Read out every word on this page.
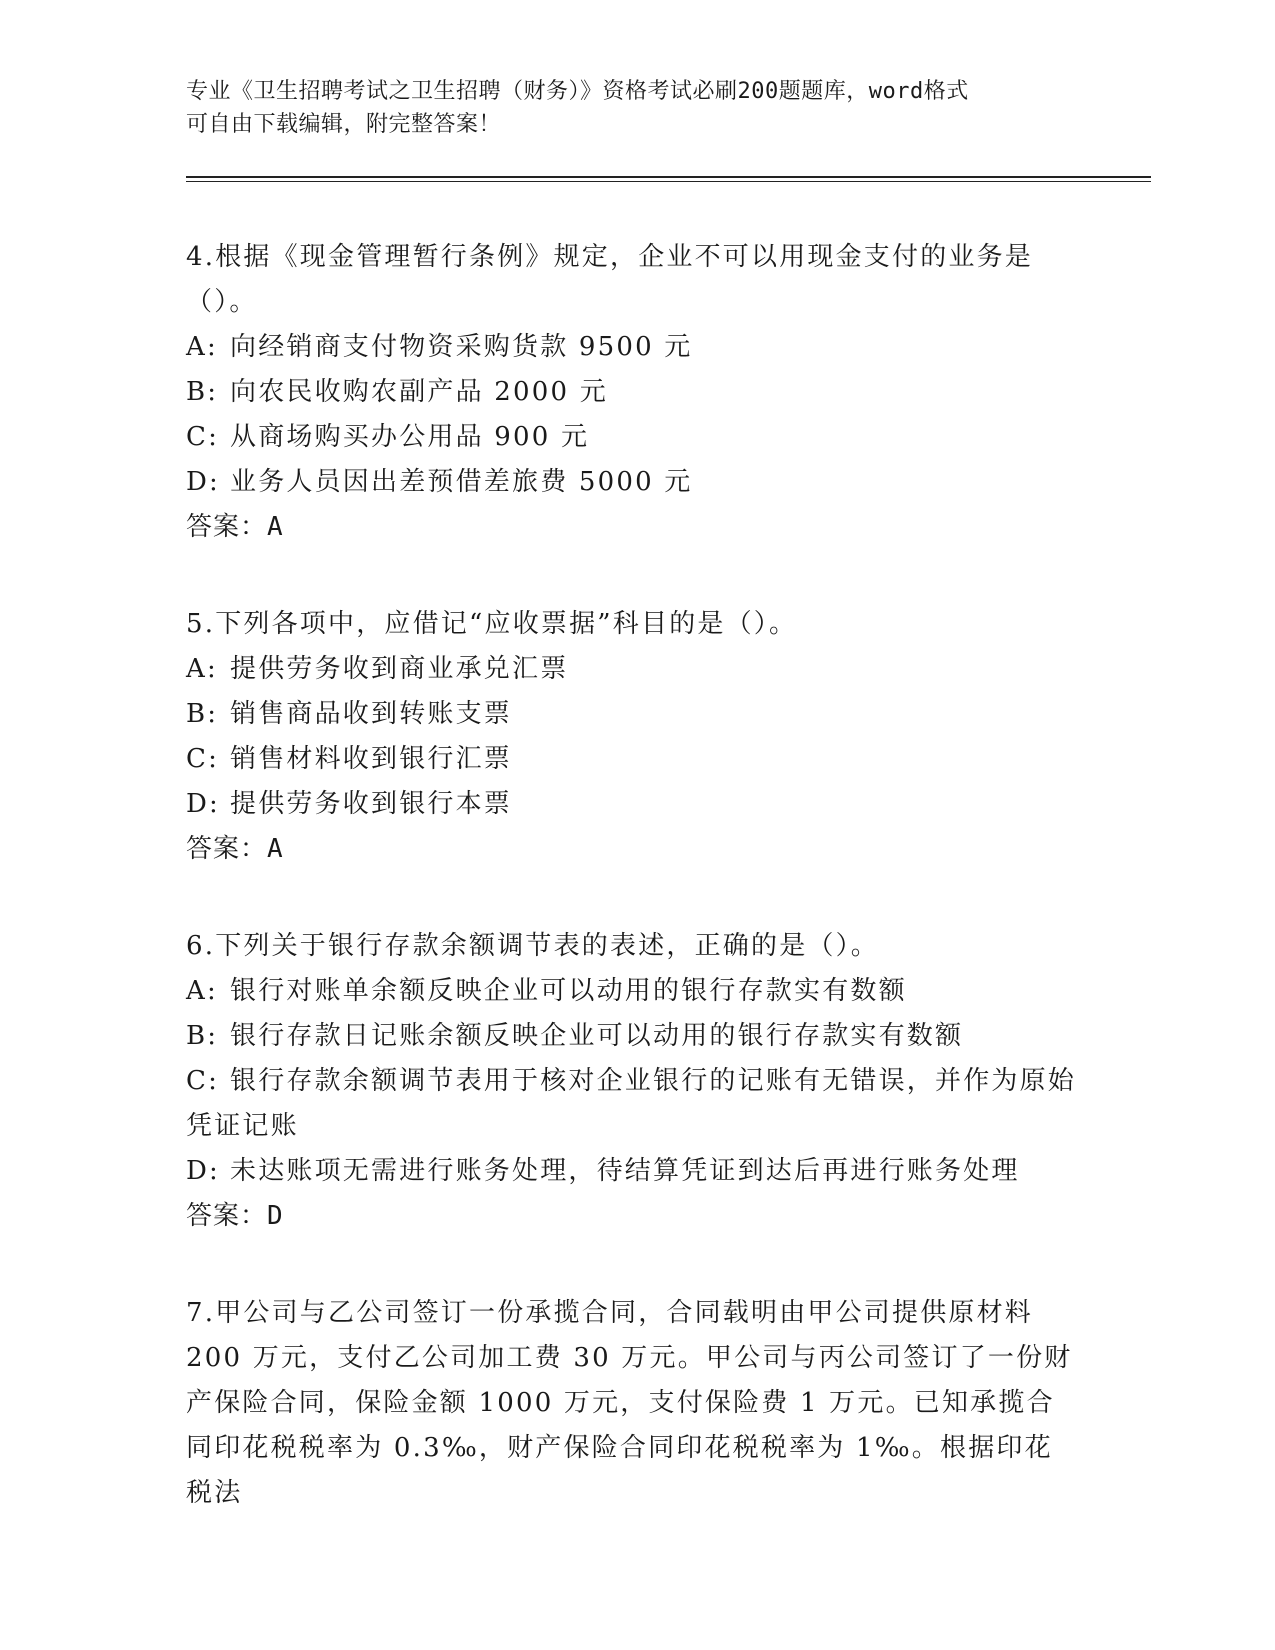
专业《卫生招聘考试之卫生招聘（财务）》资格考试必刷200题题库，word格式
可自由下载编辑，附完整答案！

4.根据《现金管理暂行条例》规定，企业不可以用现金支付的业务是（）。

A: 向经销商支付物资采购货款 9500 元

B: 向农民收购农副产品 2000 元

C: 从商场购买办公用品 900 元

D: 业务人员因出差预借差旅费 5000 元

答案：A

5.下列各项中，应借记“应收票据”科目的是（）。

A: 提供劳务收到商业承兑汇票

B: 销售商品收到转账支票

C: 销售材料收到银行汇票

D: 提供劳务收到银行本票

答案：A

6.下列关于银行存款余额调节表的表述，正确的是（）。

A: 银行对账单余额反映企业可以动用的银行存款实有数额

B: 银行存款日记账余额反映企业可以动用的银行存款实有数额

C: 银行存款余额调节表用于核对企业银行的记账有无错误，并作为原始凭证记账

D: 未达账项无需进行账务处理，待结算凭证到达后再进行账务处理

答案：D

7.甲公司与乙公司签订一份承揽合同，合同载明由甲公司提供原材料 200 万元，支付乙公司加工费 30 万元。甲公司与丙公司签订了一份财产保险合同，保险金额 1000 万元，支付保险费 1 万元。已知承揽合同印花税税率为 0.3‰，财产保险合同印花税税率为 1‰。根据印花税法
